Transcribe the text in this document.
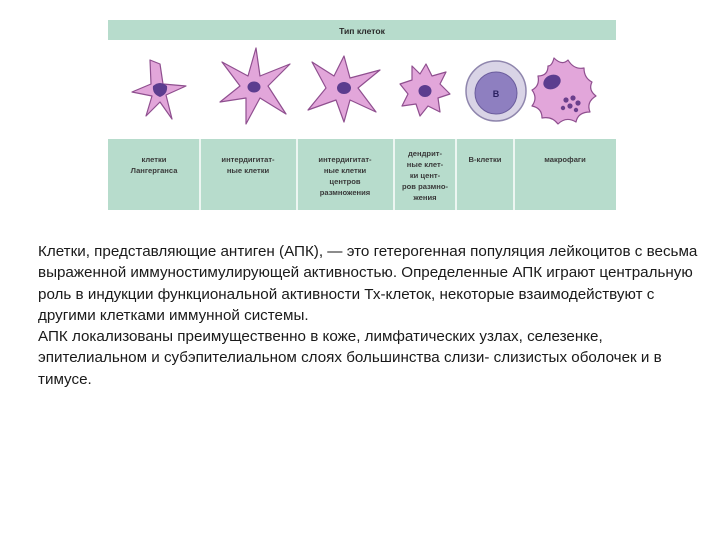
Тип клеток
В
клетки
Лангерганса
интердигитат-
ные клетки
интердигитат-
ные клетки
центров
размножения
дендрит-
ные клет-
ки цент-
ров размно-
жения
В-клетки	макрофаги

Клетки, представляющие антиген (АПК), — это гетерогенная популяция лейкоцитов с весьма выраженной иммуностимулирующей активностью. Определенные АПК играют центральную роль в индукции функциональной активности Тх-клеток, некоторые взаимодействуют с другими клетками иммунной системы.

АПК локализованы преимущественно в коже, лимфатических узлах, селезенке, эпителиальном и субэпителиальном слоях большинства слизи- слизистых оболочек и в тимусе.
